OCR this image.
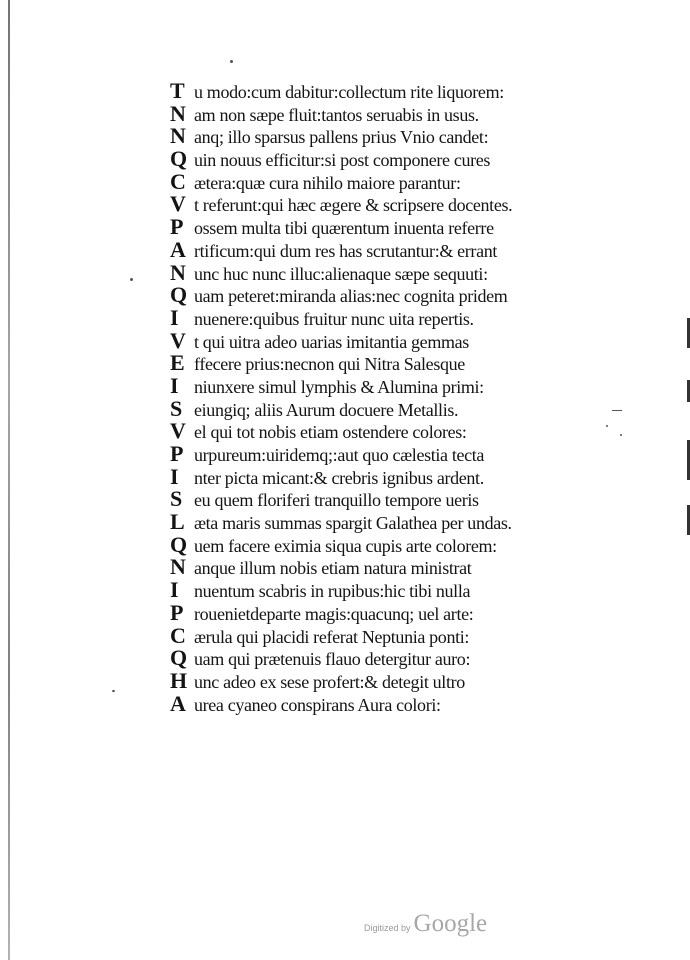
T u modo:cum dabitur:collectum rite liquorem:
N am non sæpe fluit:tantos seruabis in usus.
N anq; illo sparsus pallens prius Vnio candet:
Q uin nouus efficitur:si post componere cures
C ætera:quæ cura nihilo maiore parantur:
V t referunt:qui hæc ægere & scripsere docentes.
P ossem multa tibi quærentum inuenta referre
A rtificum:qui dum res has scrutantur:& errant
N unc huc nunc illuc:alienaque sæpe sequuti:
Q uam peteret:miranda alias:nec cognita pridem
I nuenere:quibus fruitur nunc uita repertis.
V t qui uitra adeo uarias imitantia gemmas
E ffecere prius:necnon qui Nitra Salesque
I niunxere simul lymphis & Alumina primi:
S eiungiq; aliis Aurum docuere Metallis.
V el qui tot nobis etiam ostendere colores:
P urpureum:uiridemq;:aut quo cælestia tecta
I nter picta micant:& crebris ignibus ardent.
S eu quem floriferi tranquillo tempore ueris
L æta maris summas spargit Galathea per undas.
Q uem facere eximia siqua cupis arte colorem:
N anque illum nobis etiam natura ministrat
I nuentum scabris in rupibus:hic tibi nulla
P rouenietdeparte magis:quacunq; uel arte:
C ærula qui placidi referat Neptunia ponti:
Q uam qui prætenuis flauo detergitur auro:
H unc adeo ex sese profert:& detegit ultro
A urea cyaneo conspirans Aura colori:
Digitized by Google
